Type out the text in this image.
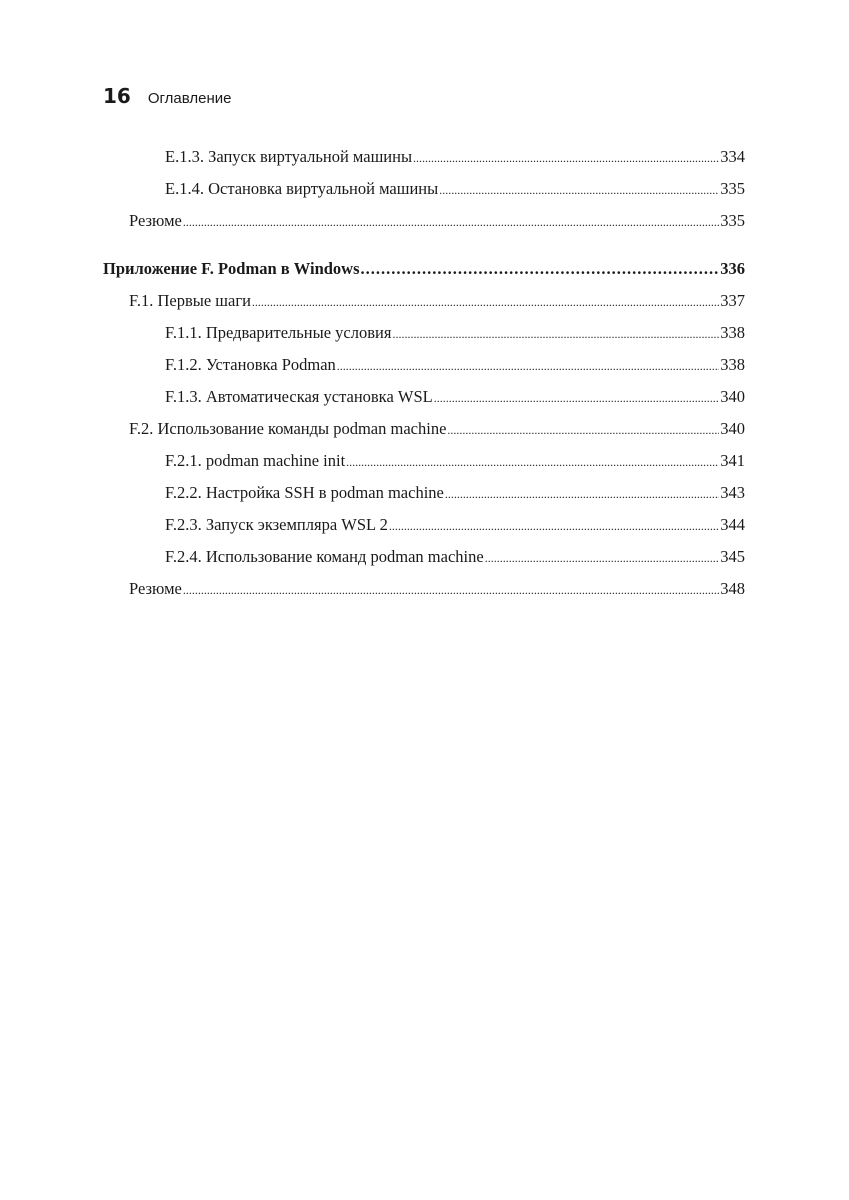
16 Оглавление
E.1.3. Запуск виртуальной машины .....	334
E.1.4. Остановка виртуальной машины .....	335
Резюме .....	335
Приложение F. Podman в Windows .....	336
F.1. Первые шаги .....	337
F.1.1. Предварительные условия .....	338
F.1.2. Установка Podman .....	338
F.1.3. Автоматическая установка WSL .....	340
F.2. Использование команды podman machine .....	340
F.2.1. podman machine init .....	341
F.2.2. Настройка SSH в podman machine .....	343
F.2.3. Запуск экземпляра WSL 2 .....	344
F.2.4. Использование команд podman machine .....	345
Резюме .....	348
